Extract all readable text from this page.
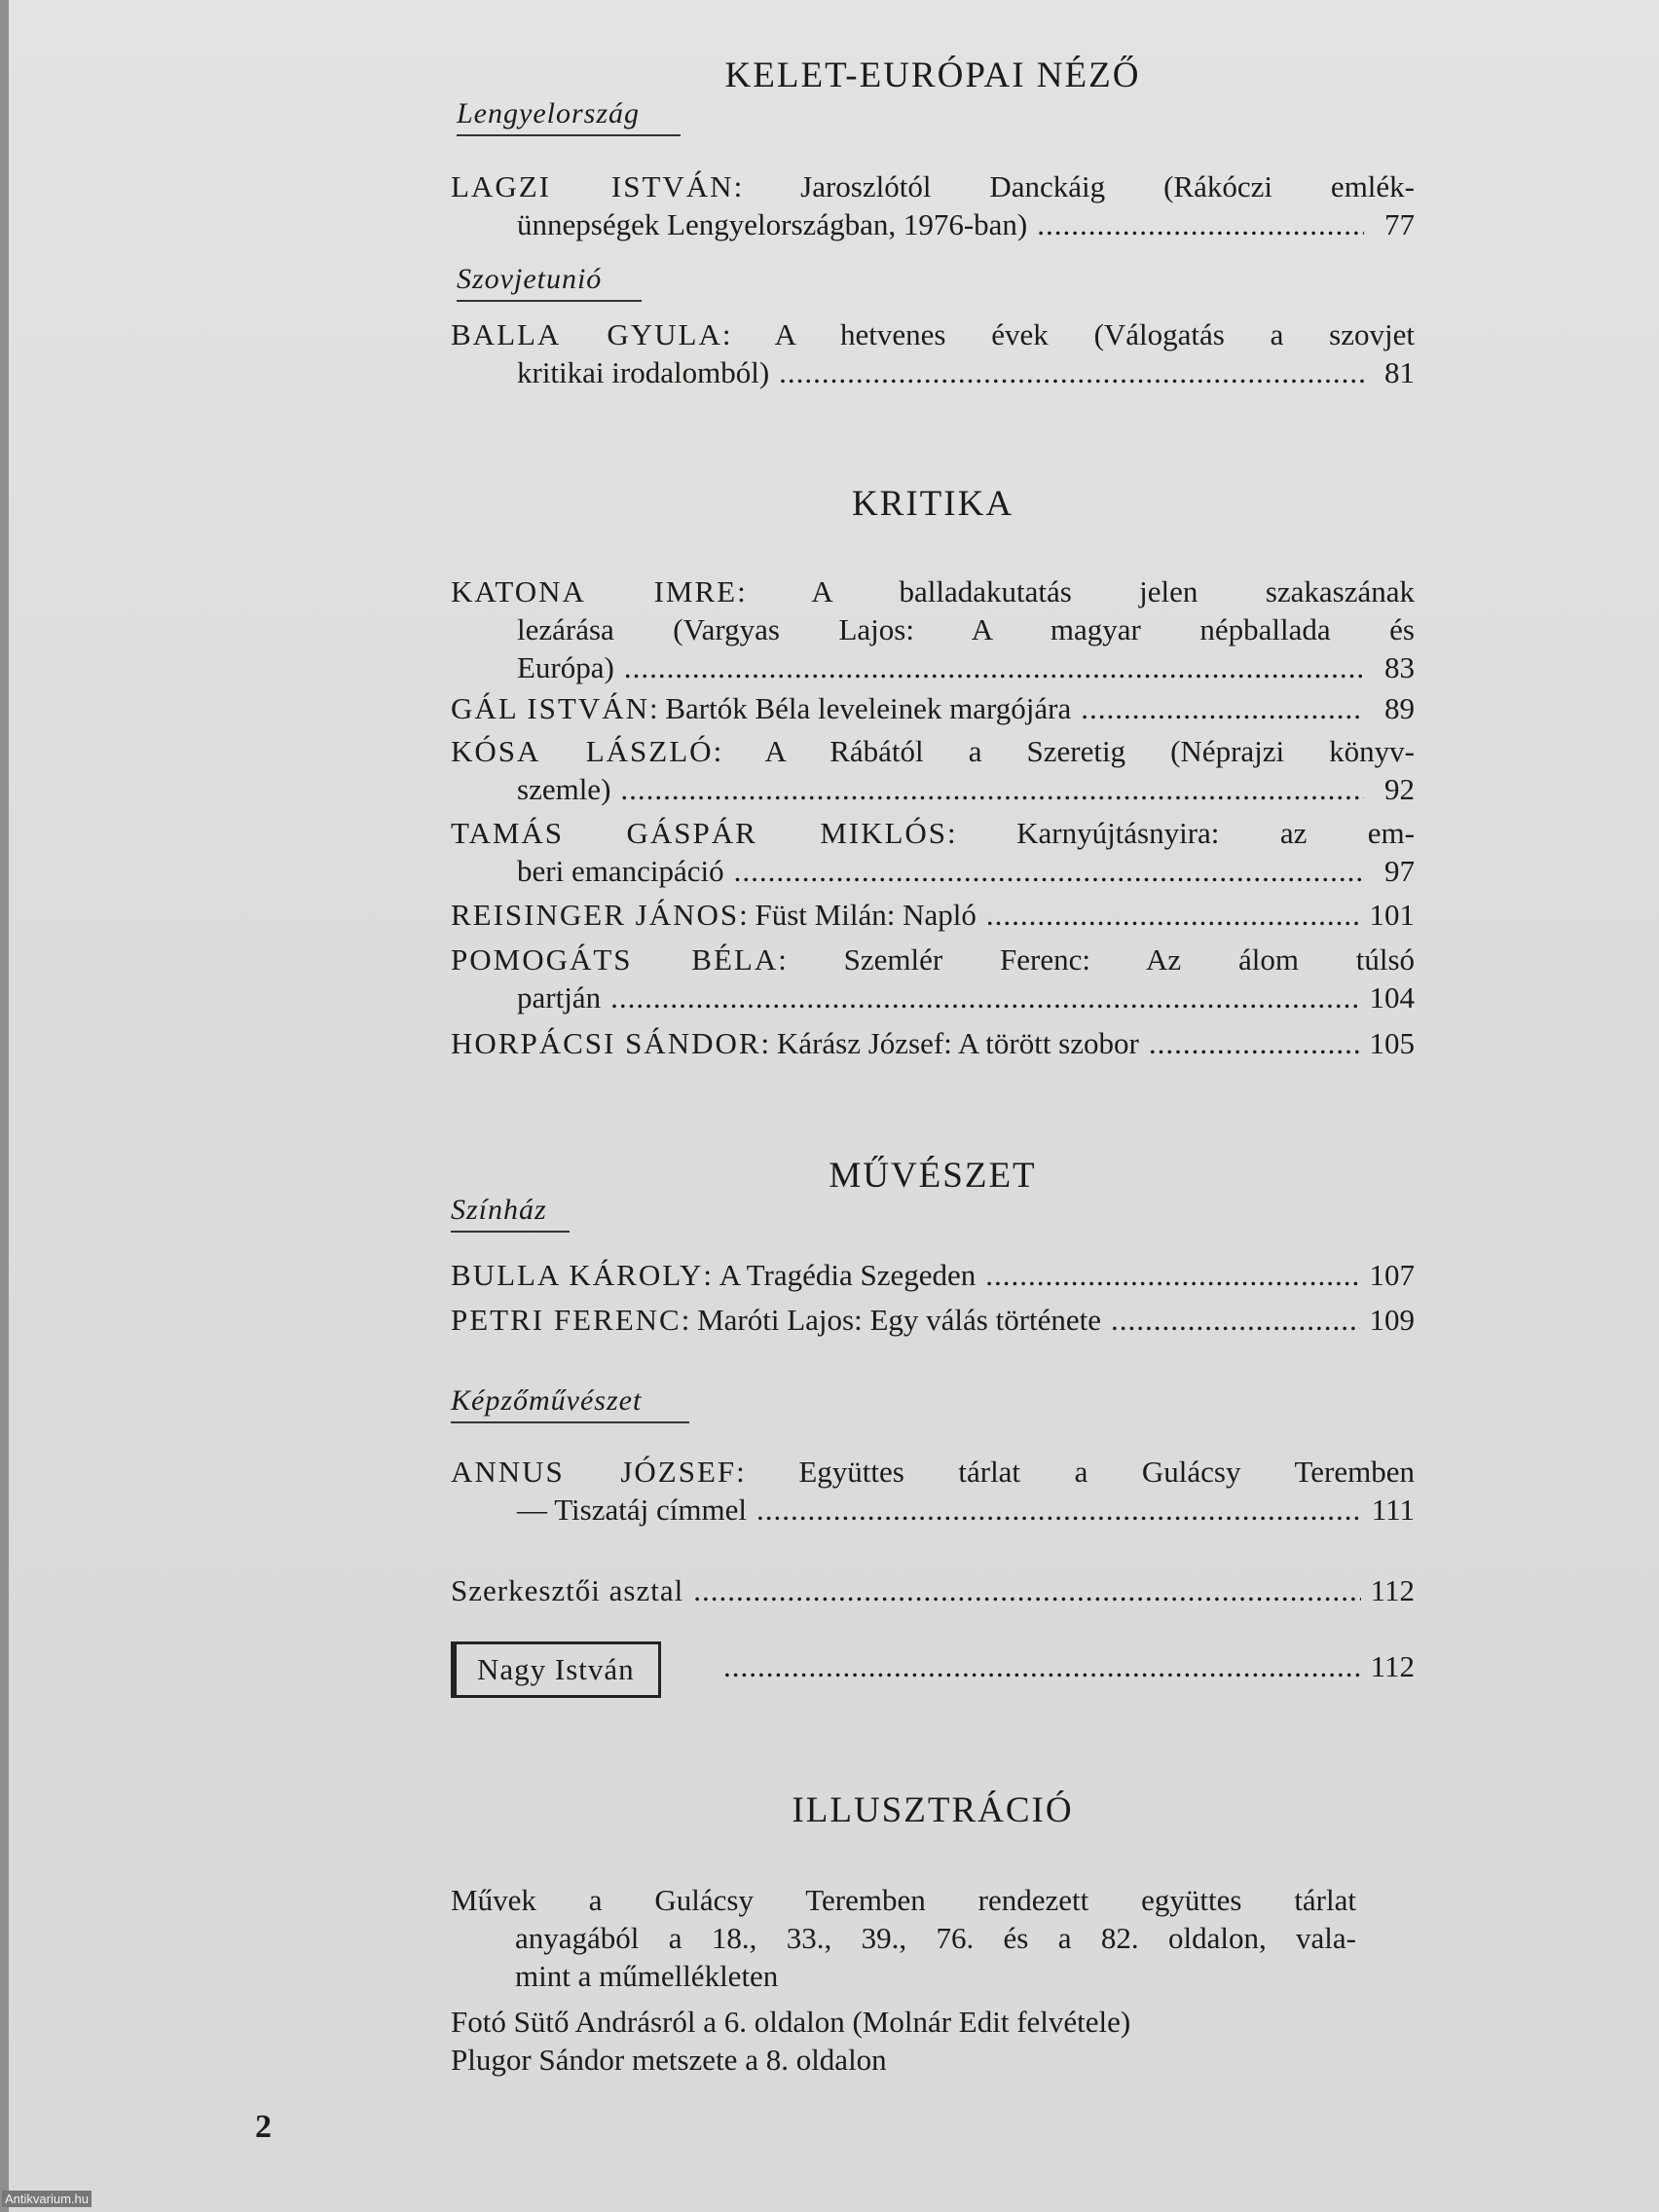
KELET-EURÓPAI NÉZŐ
Lengyelország
LAGZI ISTVÁN: Jaroszlótól Danckáig (Rákóczi emlék-
ünnepségek Lengyelországban, 1976-ban) .....	77
Szovjetunió
BALLA GYULA: A hetvenes évek (Válogatás a szovjet
kritikai irodalomból) .....	81
KRITIKA
KATONA IMRE: A balladakutatás jelen szakaszának
lezárása (Vargyas Lajos: A magyar népballada és
Európa) .....	83
GÁL ISTVÁN : Bartók Béla leveleinek margójára .....	89
KÓSA LÁSZLÓ: A Rábától a Szeretig (Néprajzi könyv-
szemle) .....	92
TAMÁS GÁSPÁR MIKLÓS: Karnyújtásnyira: az em-
beri emancipáció .....	97
REISINGER JÁNOS : Füst Milán: Napló .....	101
POMOGÁTS BÉLA: Szemlér Ferenc: Az álom túlsó
partján .....	104
HORPÁCSI SÁNDOR : Kárász József: A törött szobor .....	105
MŰVÉSZET
Színház
BULLA KÁROLY : A Tragédia Szegeden .....	107
PETRI FERENC : Maróti Lajos: Egy válás története .....	109
Képzőművészet
ANNUS JÓZSEF: Együttes tárlat a Gulácsy Teremben
— Tiszatáj címmel .....	111
Szerkesztői asztal .....	112
Nagy István .....	112
ILLUSZTRÁCIÓ
Művek a Gulácsy Teremben rendezett együttes tárlat
anyagából a 18., 33., 39., 76. és a 82. oldalon, vala-
mint a műmellékleten
Fotó Sütő Andrásról a 6. oldalon (Molnár Edit felvétele)
Plugor Sándor metszete a 8. oldalon
2
Antikvarium.hu
